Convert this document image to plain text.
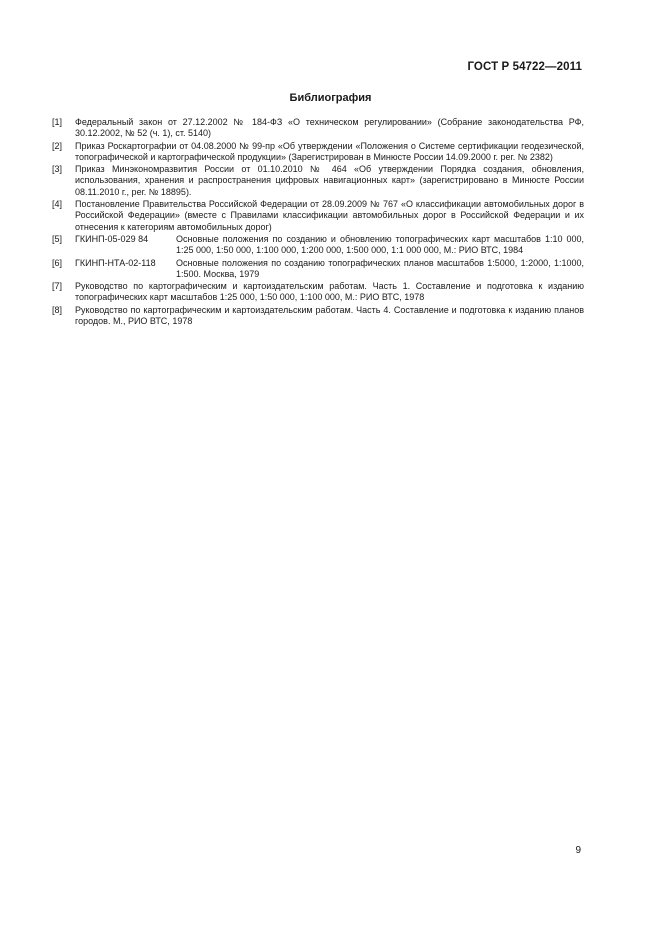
ГОСТ Р 54722—2011
Библиография
[1]	Федеральный закон от 27.12.2002 № 184-ФЗ «О техническом регулировании» (Собрание законодательства РФ, 30.12.2002, № 52 (ч. 1), ст. 5140)
[2]	Приказ Роскартографии от 04.08.2000 № 99-пр «Об утверждении «Положения о Системе сертификации геодезической, топографической и картографической продукции» (Зарегистрирован в Минюсте России 14.09.2000 г. рег. № 2382)
[3]	Приказ Минэкономразвития России от 01.10.2010 № 464 «Об утверждении Порядка создания, обновления, использования, хранения и распространения цифровых навигационных карт» (зарегистрировано в Минюсте России 08.11.2010 г., рег. № 18895).
[4]	Постановление Правительства Российской Федерации от 28.09.2009 № 767 «О классификации автомобильных дорог в Российской Федерации» (вместе с Правилами классификации автомобильных дорог в Российской Федерации и их отнесения к категориям автомобильных дорог)
[5]	ГКИНП-05-029 84	Основные положения по созданию и обновлению топографических карт масштабов 1:10 000, 1:25 000, 1:50 000, 1:100 000, 1:200 000, 1:500 000, 1:1 000 000, М.: РИО ВТС, 1984
[6]	ГКИНП-НТА-02-118	Основные положения по созданию топографических планов масштабов 1:5000, 1:2000, 1:1000, 1:500. Москва, 1979
[7]	Руководство по картографическим и картоиздательским работам. Часть 1. Составление и подготовка к изданию топографических карт масштабов 1:25 000, 1:50 000, 1:100 000, М.: РИО ВТС, 1978
[8]	Руководство по картографическим и картоиздательским работам. Часть 4. Составление и подготовка к изданию планов городов. М., РИО ВТС, 1978
9
